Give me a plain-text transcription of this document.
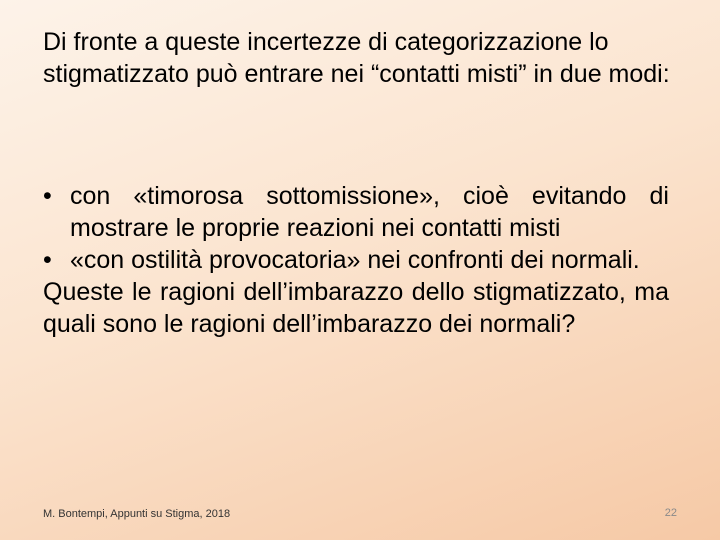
Di fronte a queste incertezze di categorizzazione lo stigmatizzato può entrare nei “contatti misti” in due modi:
• con «timorosa sottomissione», cioè evitando di mostrare le proprie reazioni nei contatti misti
• «con ostilità provocatoria» nei confronti dei normali.
Queste le ragioni dell’imbarazzo dello stigmatizzato, ma quali sono le ragioni dell’imbarazzo dei normali?
M. Bontempi, Appunti su Stigma, 2018	22
